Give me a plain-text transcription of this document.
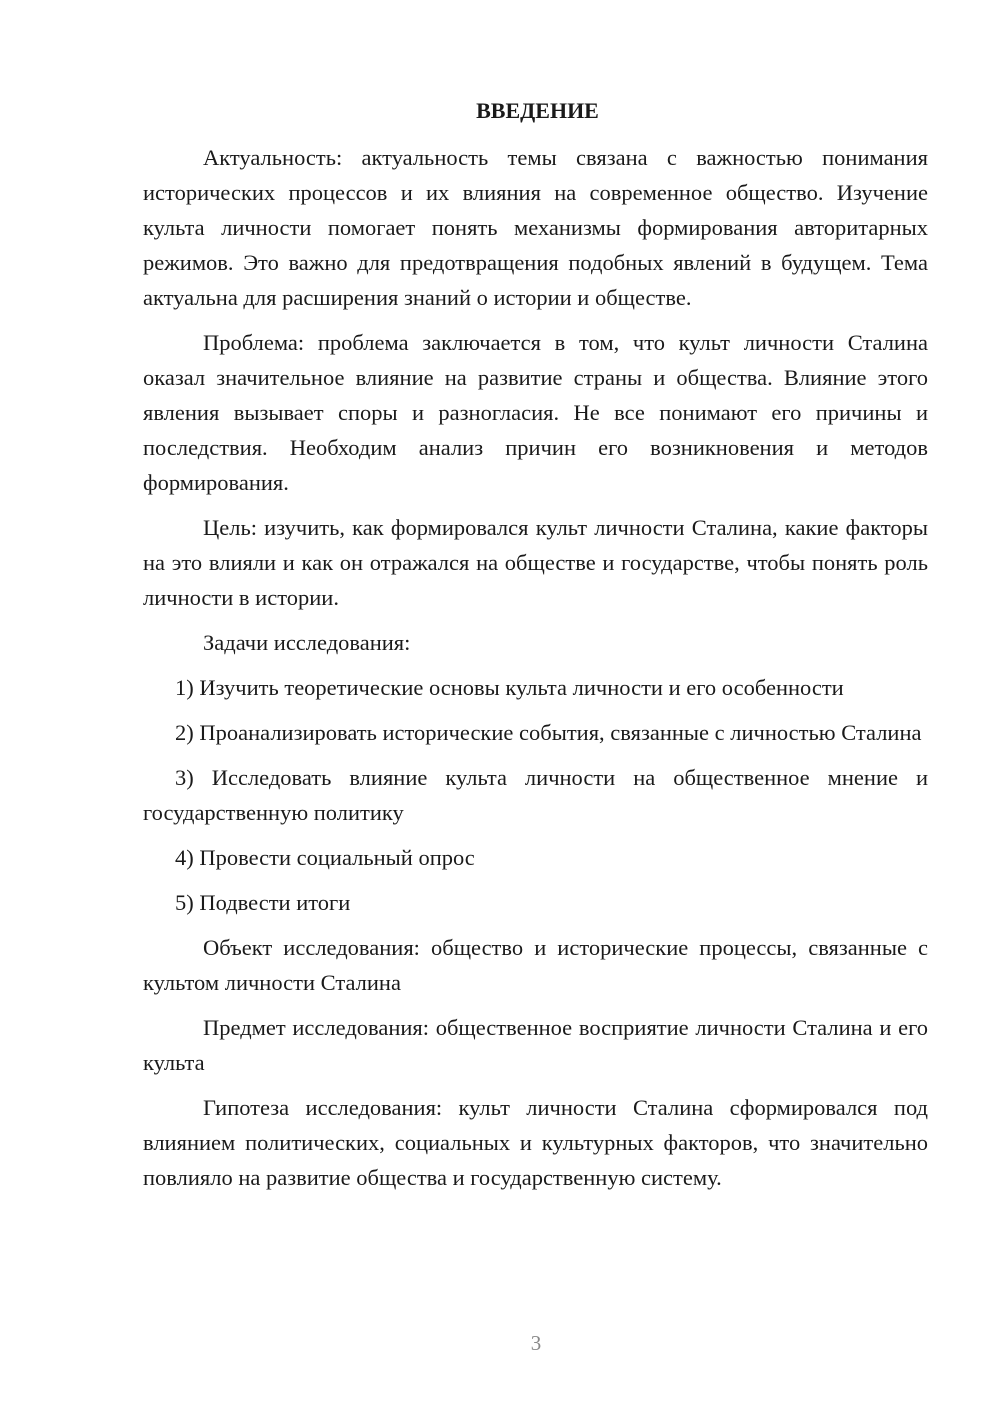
ВВЕДЕНИЕ

Актуальность: актуальность темы связана с важностью понимания исторических процессов и их влияния на современное общество. Изучение культа личности помогает понять механизмы формирования авторитарных режимов. Это важно для предотвращения подобных явлений в будущем. Тема актуальна для расширения знаний о истории и обществе.

Проблема: проблема заключается в том, что культ личности Сталина оказал значительное влияние на развитие страны и общества. Влияние этого явления вызывает споры и разногласия. Не все понимают его причины и последствия. Необходим анализ причин его возникновения и методов формирования.

Цель: изучить, как формировался культ личности Сталина, какие факторы на это влияли и как он отражался на обществе и государстве, чтобы понять роль личности в истории.

Задачи исследования:

1) Изучить теоретические основы культа личности и его особенности

2) Проанализировать исторические события, связанные с личностью Сталина

3) Исследовать влияние культа личности на общественное мнение и государственную политику

4) Провести социальный опрос

5) Подвести итоги

Объект исследования: общество и исторические процессы, связанные с культом личности Сталина

Предмет исследования: общественное восприятие личности Сталина и его культа

Гипотеза исследования: культ личности Сталина сформировался под влиянием политических, социальных и культурных факторов, что значительно повлияло на развитие общества и государственную систему.

3
